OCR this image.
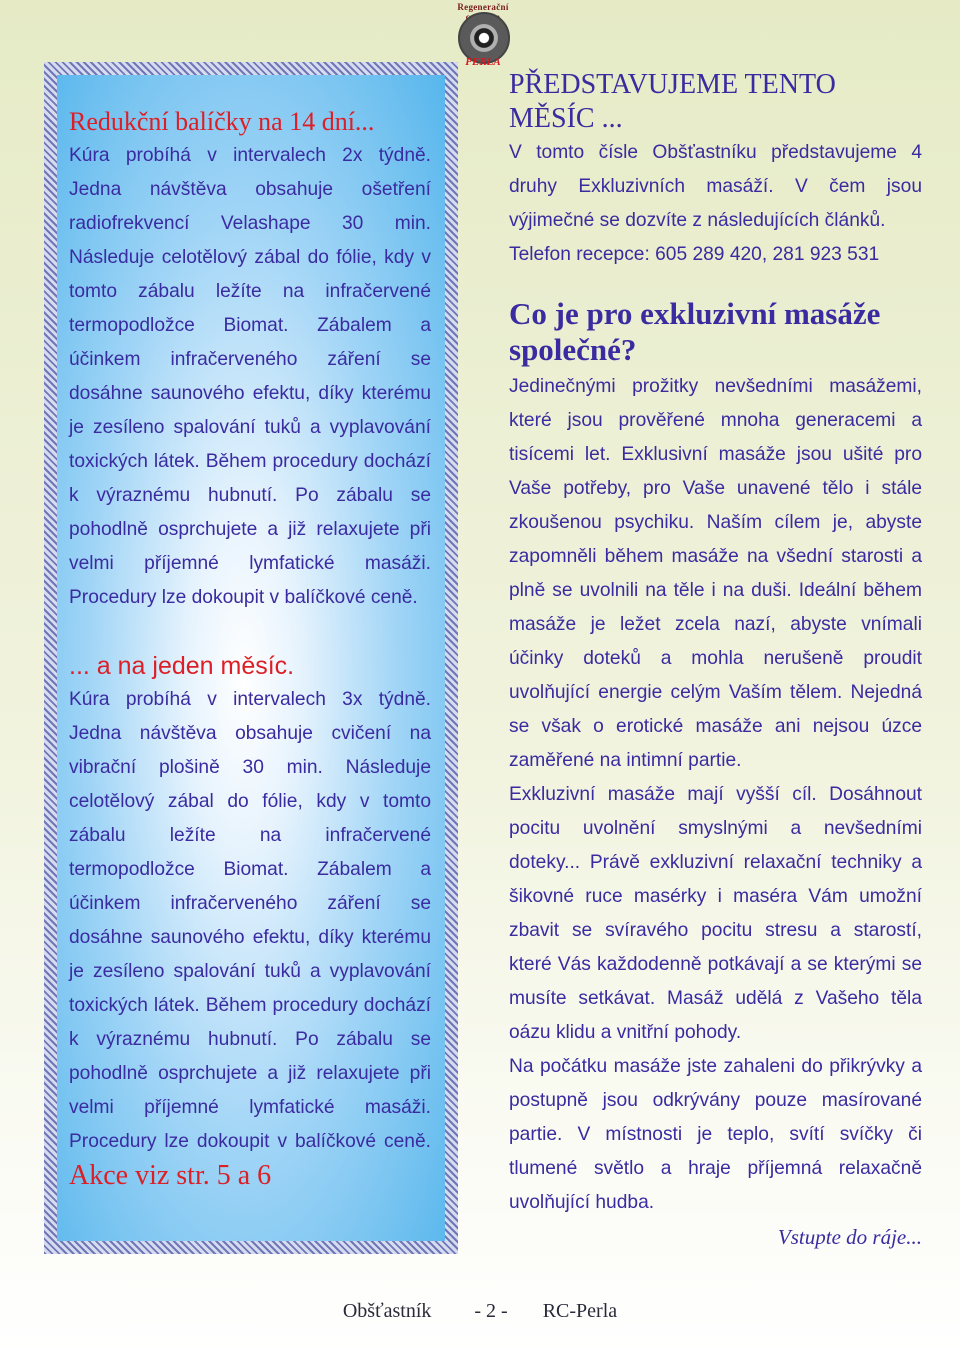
Regenerační
PERLA
Redukční balíčky na 14 dní...

Kúra probíhá v intervalech 2x týdně. Jedna návštěva obsahuje ošetření radiofrekvencí Velashape 30 min. Následuje celotělový zábal do fólie, kdy v tomto zábalu ležíte na infračervené termopodložce Biomat. Zábalem a účinkem infračerveného záření se dosáhne saunového efektu, díky kterému je zesíleno spalování tuků a vyplavování toxických látek. Během procedury dochází k výraznému hubnutí. Po zábalu se pohodlně osprchujete a již relaxujete při velmi příjemné lymfatické masáži. Procedury lze dokoupit v balíčkové ceně.

... a na jeden měsíc.

Kúra probíhá v intervalech 3x týdně. Jedna návštěva obsahuje cvičení na vibrační plošině 30 min. Následuje celotělový zábal do fólie, kdy v tomto zábalu ležíte na infračervené termopodložce Biomat. Zábalem a účinkem infračerveného záření se dosáhne saunového efektu, díky kterému je zesíleno spalování tuků a vyplavování toxických látek. Během procedury dochází k výraznému hubnutí. Po zábalu se pohodlně osprchujete a již relaxujete při velmi příjemné lymfatické masáži. Procedury lze dokoupit v balíčkové ceně. Akce viz str. 5 a 6

PŘEDSTAVUJEME TENTO MĚSÍC ...

V tomto čísle Obšťastníku představujeme 4 druhy Exkluzivních masáží. V čem jsou výjimečné se dozvíte z následujících článků.

Telefon recepce: 605 289 420, 281 923 531

Co je pro exkluzivní masáže společné?

Jedinečnými prožitky nevšedními masážemi, které jsou prověřené mnoha generacemi a tisícemi let. Exklusivní masáže jsou ušité pro Vaše potřeby, pro Vaše unavené tělo i stále zkoušenou psychiku. Naším cílem je, abyste zapomněli během masáže na všední starosti a plně se uvolnili na těle i na duši. Ideální během masáže je ležet zcela nazí, abyste vnímali účinky doteků a mohla nerušeně proudit uvolňující energie celým Vaším tělem. Nejedná se však o erotické masáže ani nejsou úzce zaměřené na intimní partie.

Exkluzivní masáže mají vyšší cíl. Dosáhnout pocitu uvolnění smyslnými a nevšedními doteky... Právě exkluzivní relaxační techniky a šikovné ruce masérky i maséra Vám umožní zbavit se svíravého pocitu stresu a starostí, které Vás každodenně potkávají a se kterými se musíte setkávat. Masáž udělá z Vašeho těla oázu klidu a vnitřní pohody.

Na počátku masáže jste zahaleni do přikrývky a postupně jsou odkrývány pouze masírované partie. V místnosti je teplo, svítí svíčky či tlumené světlo a hraje příjemná relaxačně uvolňující hudba.

Vstupte do ráje...

Obšťastník - 2 - RC-Perla
